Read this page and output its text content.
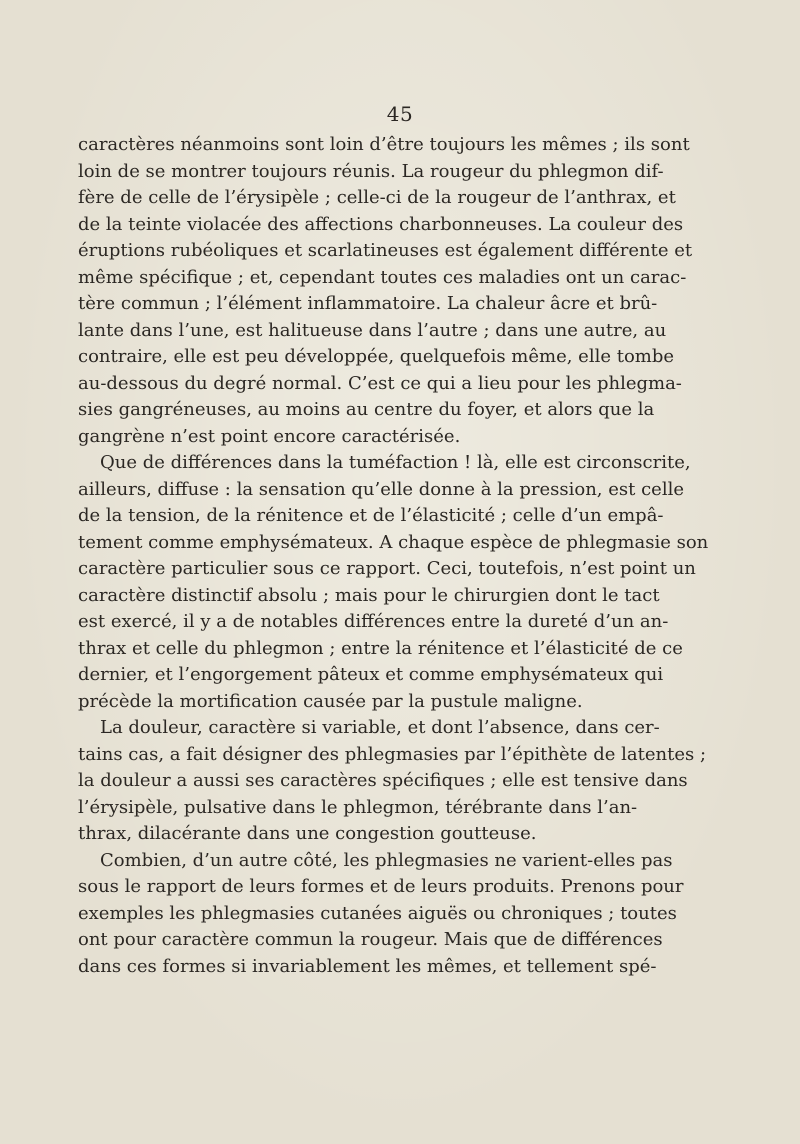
45

caractères néanmoins sont loin d’être toujours les mêmes ; ils sont

loin de se montrer toujours réunis. La rougeur du phlegmon dif-

fère de celle de l’érysipèle ; celle-ci de la rougeur de l’anthrax, et

de la teinte violacée des affections charbonneuses. La couleur des

éruptions rubéoliques et scarlatineuses est également différente et

même spécifique ; et, cependant toutes ces maladies ont un carac-

tère commun ; l’élément inflammatoire. La chaleur âcre et brû-

lante dans l’une, est halitueuse dans l’autre ; dans une autre, au

contraire, elle est peu développée, quelquefois même, elle tombe

au-dessous du degré normal. C’est ce qui a lieu pour les phlegma-

sies gangréneuses, au moins au centre du foyer, et alors que la

gangrène n’est point encore caractérisée.

Que de différences dans la tuméfaction ! là, elle est circonscrite,

ailleurs, diffuse : la sensation qu’elle donne à la pression, est celle

de la tension, de la rénitence et de l’élasticité ; celle d’un empâ-

tement comme emphysémateux. A chaque espèce de phlegmasie son

caractère particulier sous ce rapport. Ceci, toutefois, n’est point un

caractère distinctif absolu ; mais pour le chirurgien dont le tact

est exercé, il y a de notables différences entre la dureté d’un an-

thrax et celle du phlegmon ; entre la rénitence et l’élasticité de ce

dernier, et l’engorgement pâteux et comme emphysémateux qui

précède la mortification causée par la pustule maligne.

La douleur, caractère si variable, et dont l’absence, dans cer-

tains cas, a fait désigner des phlegmasies par l’épithète de latentes ;

la douleur a aussi ses caractères spécifiques ; elle est tensive dans

l’érysipèle, pulsative dans le phlegmon, térébrante dans l’an-

thrax, dilacérante dans une congestion goutteuse.

Combien, d’un autre côté, les phlegmasies ne varient-elles pas

sous le rapport de leurs formes et de leurs produits. Prenons pour

exemples les phlegmasies cutanées aiguës ou chroniques ; toutes

ont pour caractère commun la rougeur. Mais que de différences

dans ces formes si invariablement les mêmes, et tellement spé-
